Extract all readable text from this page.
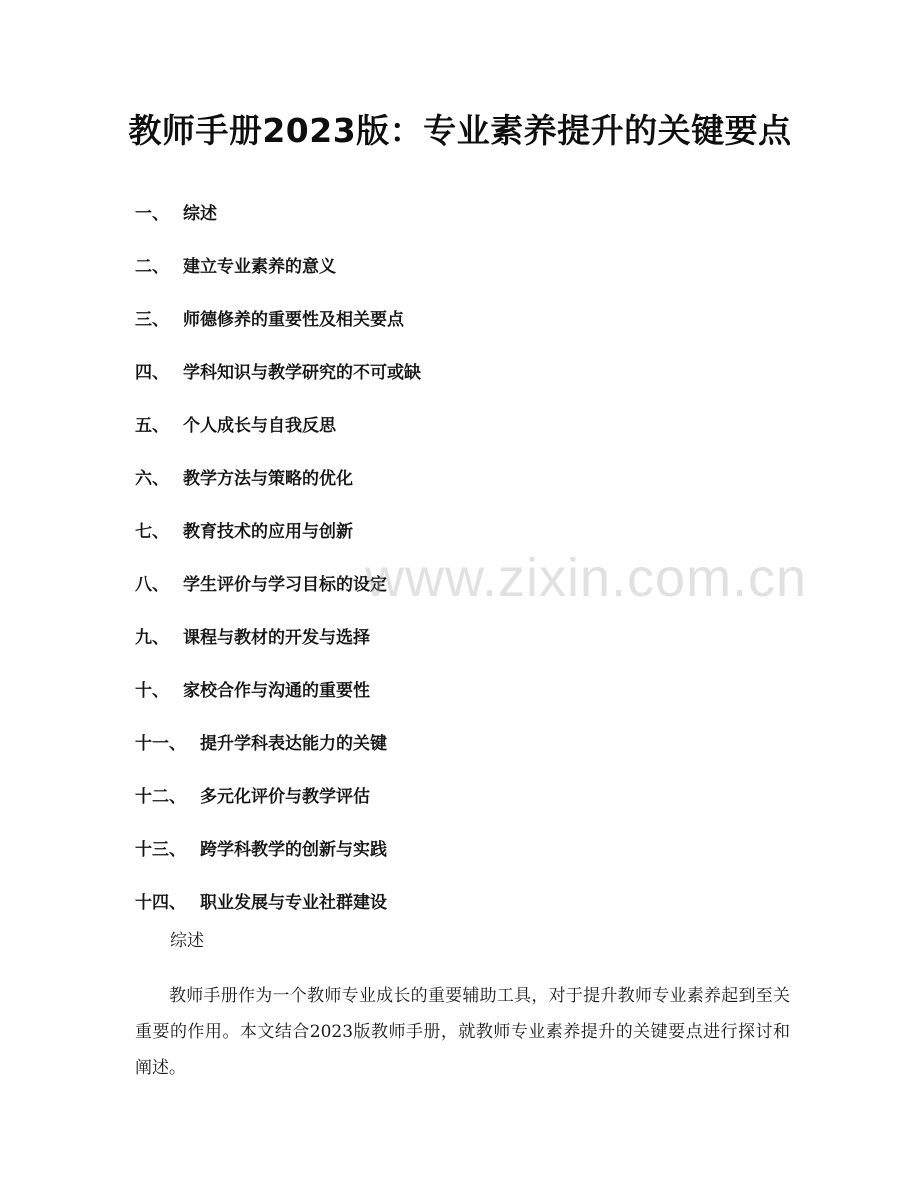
教师手册2023版：专业素养提升的关键要点
一、 综述
二、 建立专业素养的意义
三、 师德修养的重要性及相关要点
四、 学科知识与教学研究的不可或缺
五、 个人成长与自我反思
六、 教学方法与策略的优化
七、 教育技术的应用与创新
八、 学生评价与学习目标的设定
九、 课程与教材的开发与选择
十、 家校合作与沟通的重要性
十一、 提升学科表达能力的关键
十二、 多元化评价与教学评估
十三、 跨学科教学的创新与实践
十四、 职业发展与专业社群建设
综述

教师手册作为一个教师专业成长的重要辅助工具，对于提升教师专业素养起到至关重要的作用。本文结合2023版教师手册，就教师专业素养提升的关键要点进行探讨和阐述。

www.zixin.com.cn
